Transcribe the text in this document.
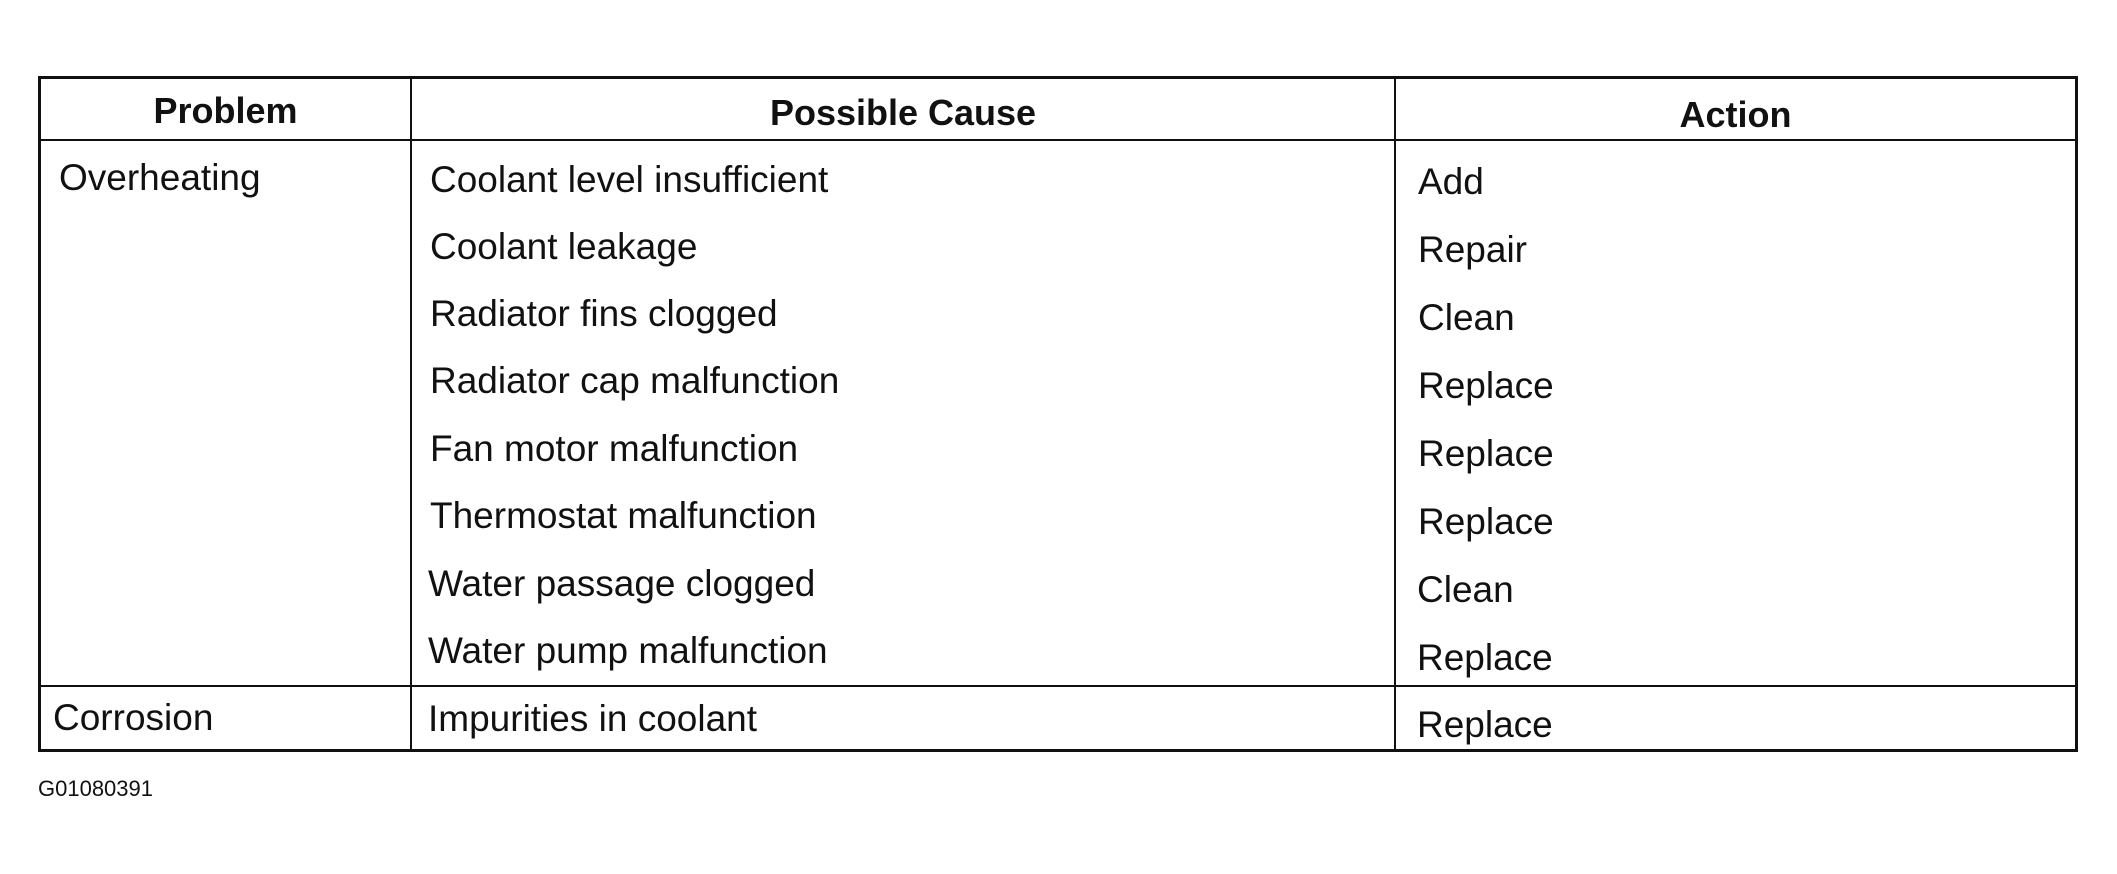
Problem	Possible Cause	Action
Overheating	Coolant level insufficient	Add
Coolant leakage	Repair
Radiator fins clogged	Clean
Radiator cap malfunction	Replace
Fan motor malfunction	Replace
Thermostat malfunction	Replace
Water passage clogged	Clean
Water pump malfunction	Replace
Corrosion	Impurities in coolant	Replace
G01080391
